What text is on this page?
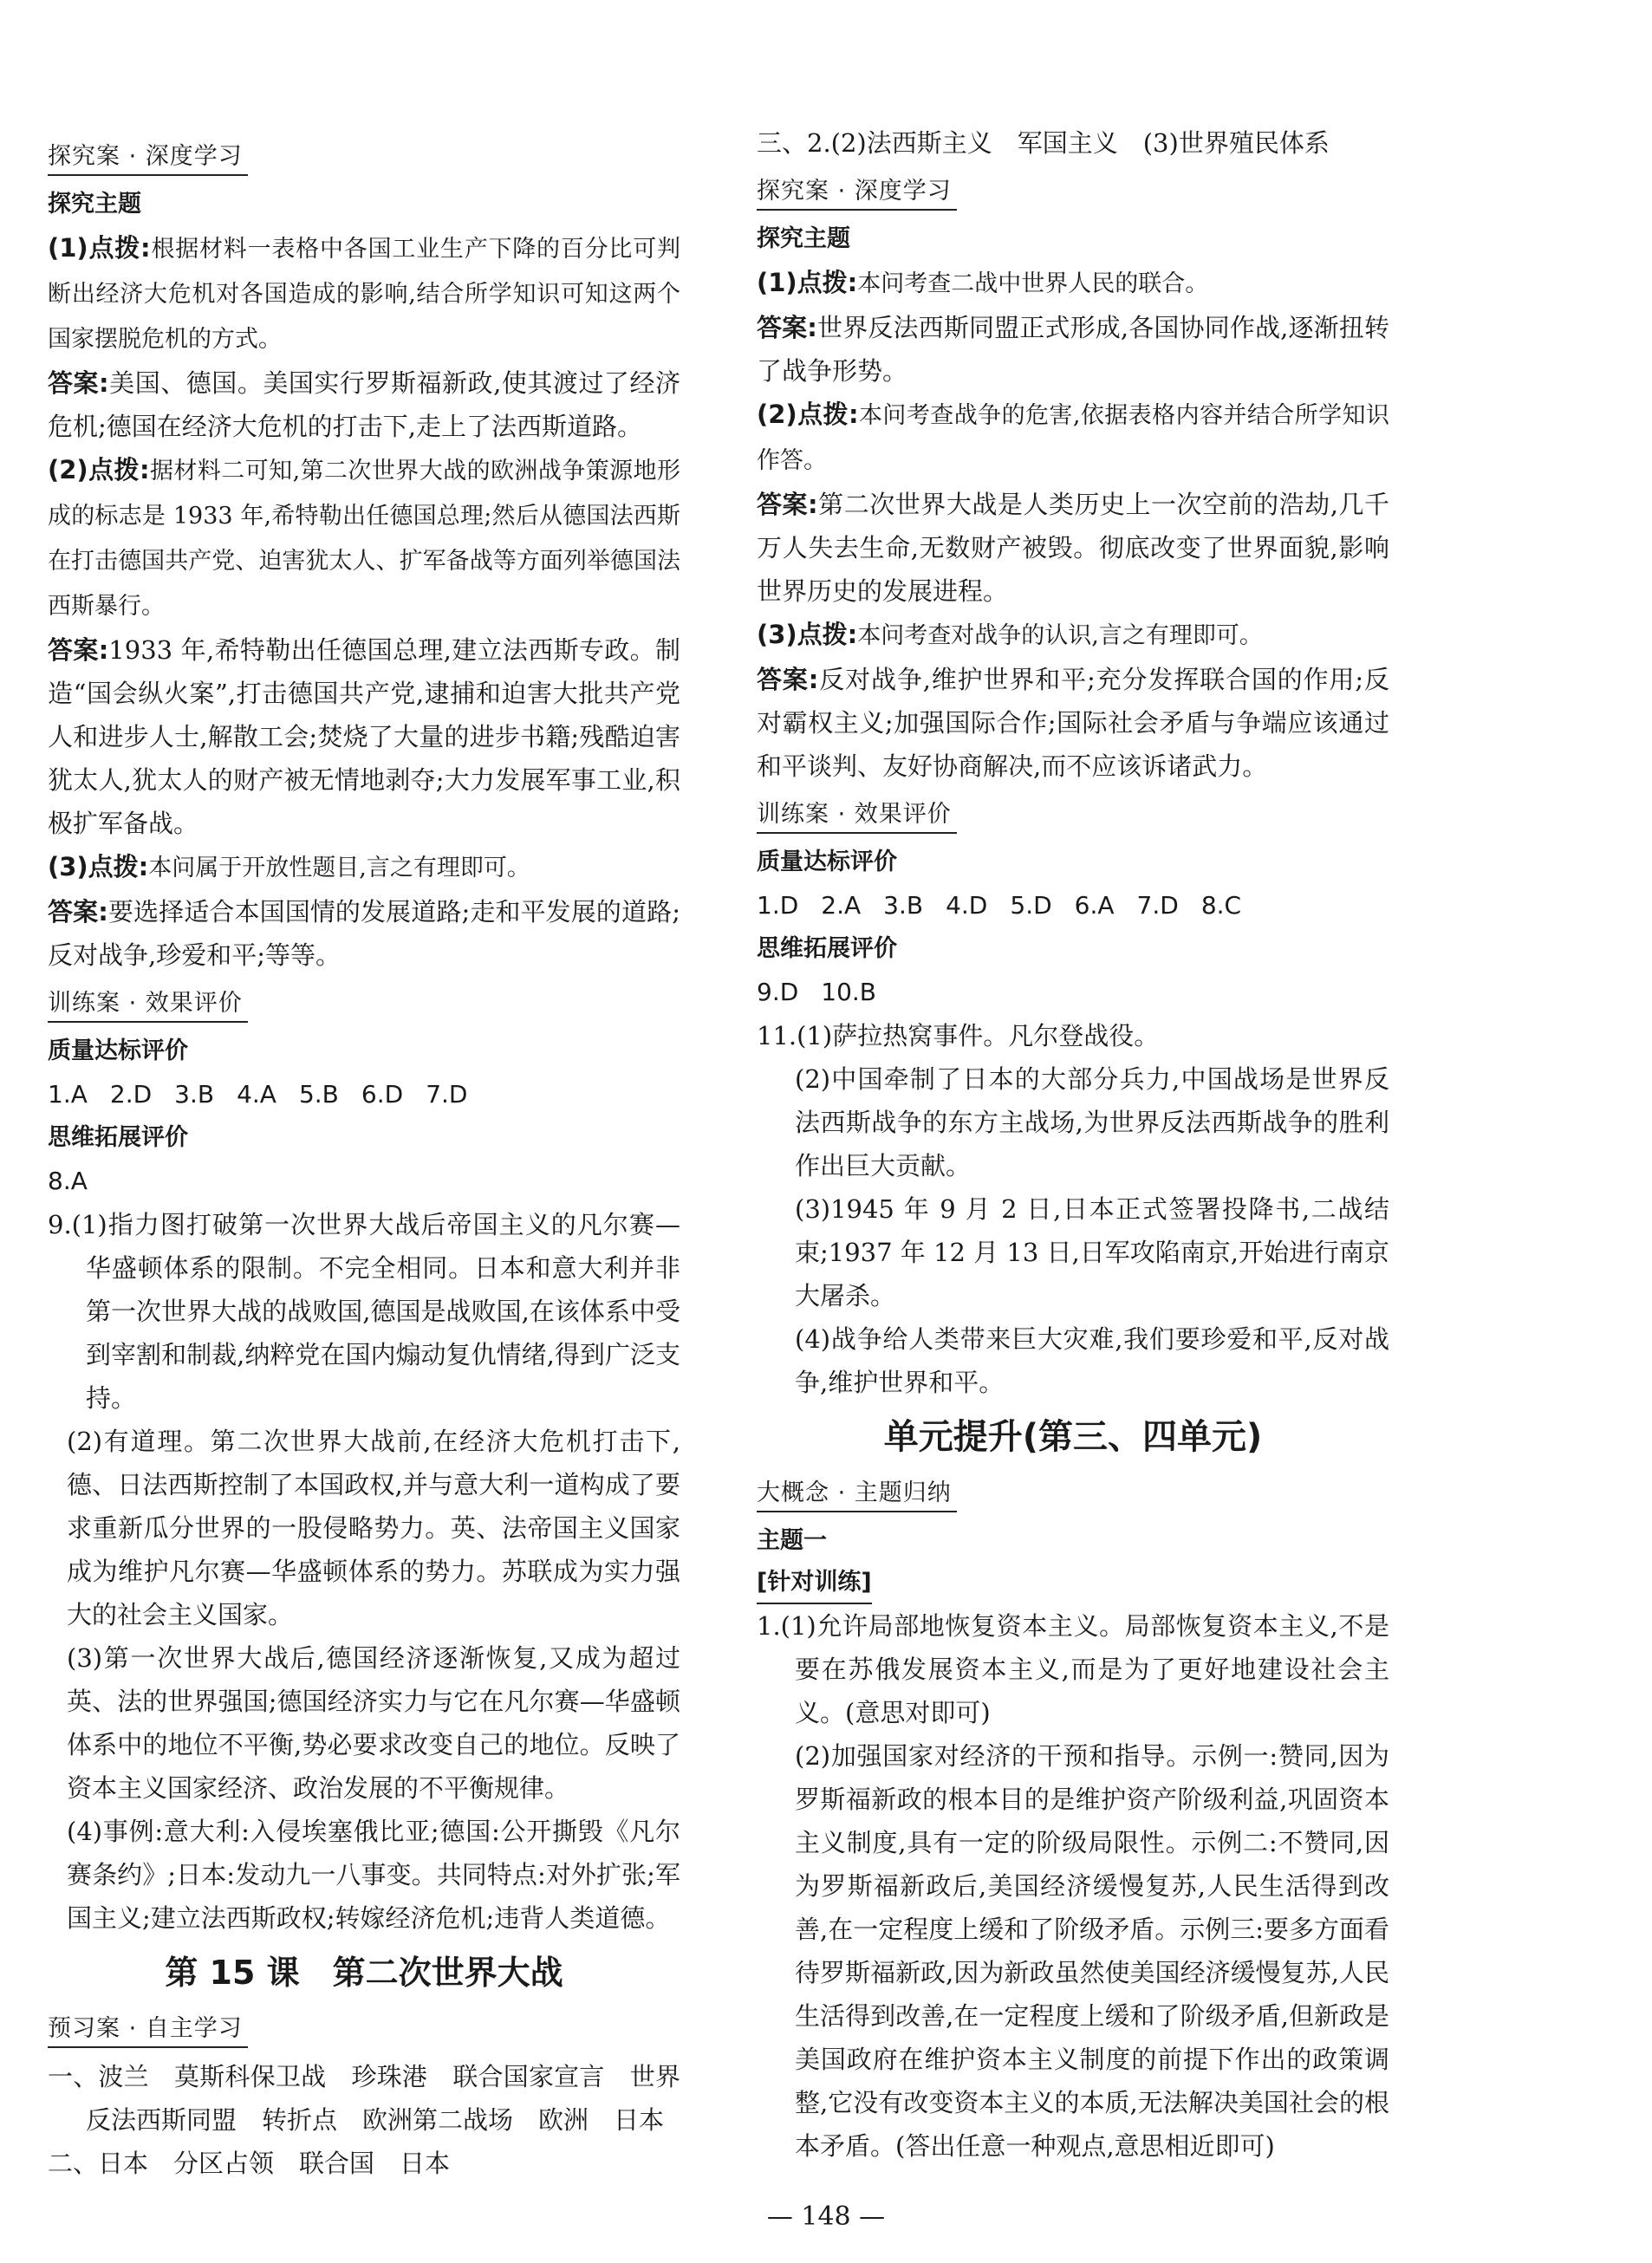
探究案 · 深度学习
探究主题

(1)点拨:根据材料一表格中各国工业生产下降的百分比可判断出经济大危机对各国造成的影响,结合所学知识可知这两个国家摆脱危机的方式。

答案:美国、德国。美国实行罗斯福新政,使其渡过了经济危机;德国在经济大危机的打击下,走上了法西斯道路。

(2)点拨:据材料二可知,第二次世界大战的欧洲战争策源地形成的标志是 1933 年,希特勒出任德国总理;然后从德国法西斯在打击德国共产党、迫害犹太人、扩军备战等方面列举德国法西斯暴行。

答案:1933 年,希特勒出任德国总理,建立法西斯专政。制造“国会纵火案”,打击德国共产党,逮捕和迫害大批共产党人和进步人士,解散工会;焚烧了大量的进步书籍;残酷迫害犹太人,犹太人的财产被无情地剥夺;大力发展军事工业,积极扩军备战。

(3)点拨:本问属于开放性题目,言之有理即可。

答案:要选择适合本国国情的发展道路;走和平发展的道路;反对战争,珍爱和平;等等。

训练案 · 效果评价
质量达标评价
1.A 2.D 3.B 4.A 5.B 6.D 7.D
思维拓展评价
8.A

9.(1)指力图打破第一次世界大战后帝国主义的凡尔赛—华盛顿体系的限制。不完全相同。日本和意大利并非第一次世界大战的战败国,德国是战败国,在该体系中受到宰割和制裁,纳粹党在国内煽动复仇情绪,得到广泛支持。

(2)有道理。第二次世界大战前,在经济大危机打击下,德、日法西斯控制了本国政权,并与意大利一道构成了要求重新瓜分世界的一股侵略势力。英、法帝国主义国家成为维护凡尔赛—华盛顿体系的势力。苏联成为实力强大的社会主义国家。

(3)第一次世界大战后,德国经济逐渐恢复,又成为超过英、法的世界强国;德国经济实力与它在凡尔赛—华盛顿体系中的地位不平衡,势必要求改变自己的地位。反映了资本主义国家经济、政治发展的不平衡规律。

(4)事例:意大利:入侵埃塞俄比亚;德国:公开撕毁《凡尔赛条约》;日本:发动九一八事变。共同特点:对外扩张;军国主义;建立法西斯政权;转嫁经济危机;违背人类道德。

第 15 课　第二次世界大战
预习案 · 自主学习

一、波兰　莫斯科保卫战　珍珠港　联合国家宣言　世界反法西斯同盟　转折点　欧洲第二战场　欧洲　日本

二、日本　分区占领　联合国　日本

三、2.(2)法西斯主义　军国主义　(3)世界殖民体系

探究案 · 深度学习
探究主题

(1)点拨:本问考查二战中世界人民的联合。

答案:世界反法西斯同盟正式形成,各国协同作战,逐渐扭转了战争形势。

(2)点拨:本问考查战争的危害,依据表格内容并结合所学知识作答。

答案:第二次世界大战是人类历史上一次空前的浩劫,几千万人失去生命,无数财产被毁。彻底改变了世界面貌,影响世界历史的发展进程。

(3)点拨:本问考查对战争的认识,言之有理即可。

答案:反对战争,维护世界和平;充分发挥联合国的作用;反对霸权主义;加强国际合作;国际社会矛盾与争端应该通过和平谈判、友好协商解决,而不应该诉诸武力。

训练案 · 效果评价
质量达标评价
1.D 2.A 3.B 4.D 5.D 6.A 7.D 8.C
思维拓展评价
9.D 10.B

11.(1)萨拉热窝事件。凡尔登战役。

(2)中国牵制了日本的大部分兵力,中国战场是世界反法西斯战争的东方主战场,为世界反法西斯战争的胜利作出巨大贡献。

(3)1945 年 9 月 2 日,日本正式签署投降书,二战结束;1937 年 12 月 13 日,日军攻陷南京,开始进行南京大屠杀。

(4)战争给人类带来巨大灾难,我们要珍爱和平,反对战争,维护世界和平。

单元提升(第三、四单元)
大概念 · 主题归纳
主题一
[针对训练]

1.(1)允许局部地恢复资本主义。局部恢复资本主义,不是要在苏俄发展资本主义,而是为了更好地建设社会主义。(意思对即可)

(2)加强国家对经济的干预和指导。示例一:赞同,因为罗斯福新政的根本目的是维护资产阶级利益,巩固资本主义制度,具有一定的阶级局限性。示例二:不赞同,因为罗斯福新政后,美国经济缓慢复苏,人民生活得到改善,在一定程度上缓和了阶级矛盾。示例三:要多方面看待罗斯福新政,因为新政虽然使美国经济缓慢复苏,人民生活得到改善,在一定程度上缓和了阶级矛盾,但新政是美国政府在维护资本主义制度的前提下作出的政策调整,它没有改变资本主义的本质,无法解决美国社会的根本矛盾。(答出任意一种观点,意思相近即可)

— 148 —
